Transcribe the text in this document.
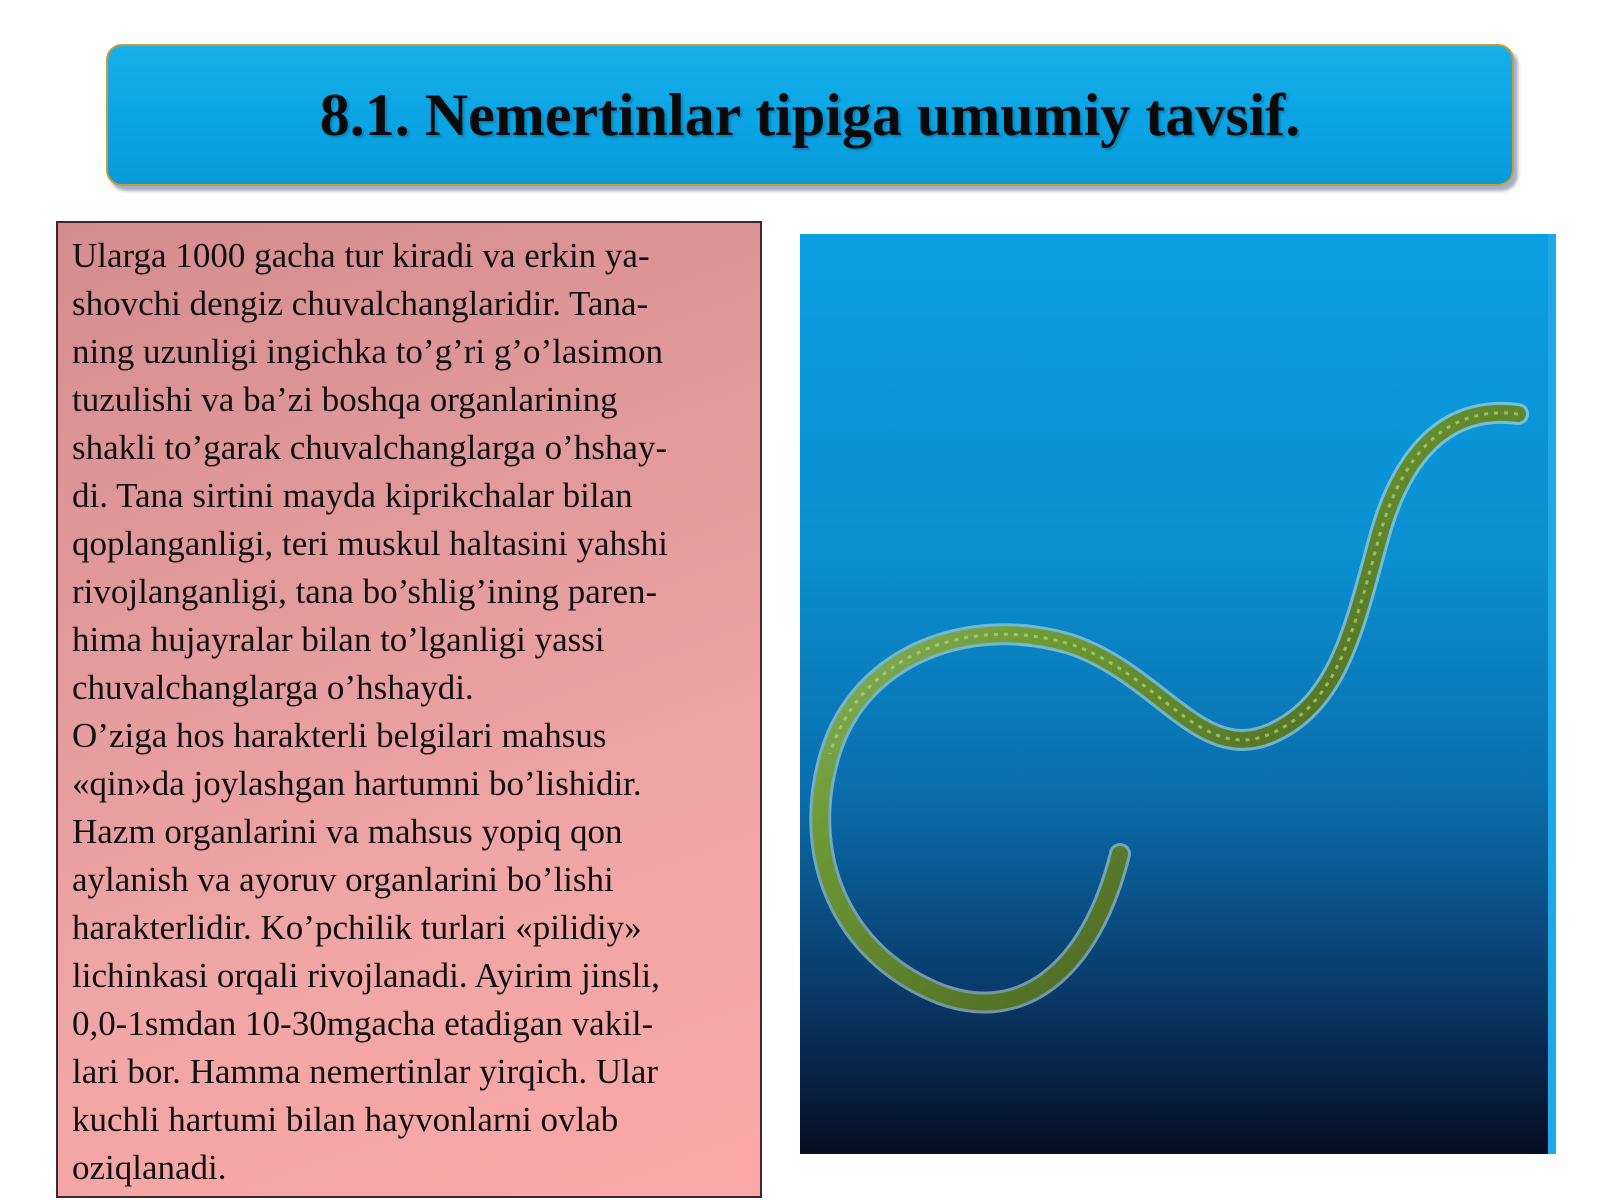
8.1. Nemertinlar tipiga umumiy tavsif.
Ularga 1000 gacha tur kiradi va erkin ya-
shovchi dengiz chuvalchanglaridir. Tana-
ning uzunligi ingichka to’g’ri g’o’lasimon
tuzulishi va ba’zi boshqa organlarining
shakli to’garak chuvalchanglarga o’hshay-
di. Tana sirtini mayda kiprikchalar bilan
qoplanganligi, teri muskul haltasini yahshi
rivojlanganligi, tana bo’shlig’ining paren-
hima hujayralar bilan to’lganligi yassi
chuvalchanglarga o’hshaydi.
O’ziga hos harakterli belgilari mahsus
«qin»da joylashgan hartumni bo’lishidir.
Hazm organlarini va mahsus yopiq qon
aylanish va ayoruv organlarini bo’lishi
harakterlidir. Ko’pchilik turlari «pilidiy»
lichinkasi orqali rivojlanadi. Ayirim jinsli,
0,0-1smdan 10-30mgacha etadigan vakil-
lari bor. Hamma nemertinlar yirqich. Ular
kuchli hartumi bilan hayvonlarni ovlab
oziqlanadi.
